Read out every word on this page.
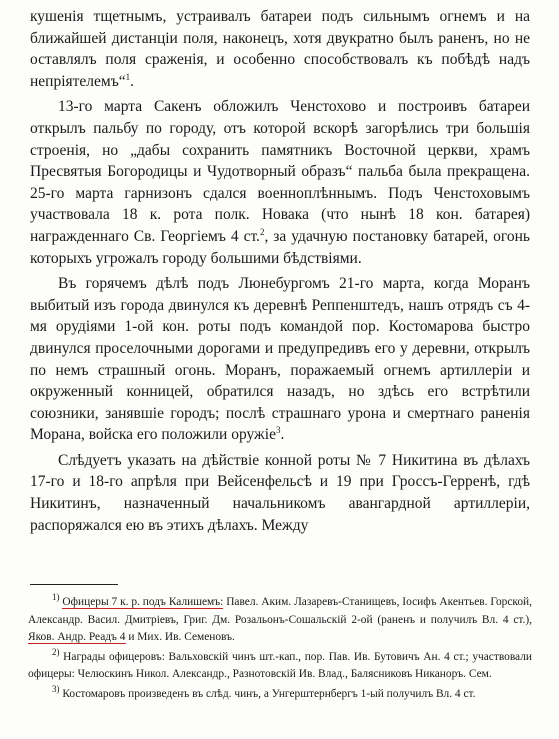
кушенія тщетнымъ, устраивалъ батареи подъ сильнымъ огнемъ и на ближайшей дистанціи поля, наконецъ, хотя двукратно былъ раненъ, но не оставлялъ поля сраженія, и особенно способствовалъ къ побѣдѣ надъ непріятелемъ“$^1$.

13-го марта Сакенъ обложилъ Ченстохово и построивъ батареи открылъ пальбу по городу, отъ которой вскорѣ загорѣлись три большія строенія, но „дабы сохранить памятникъ Восточной церкви, храмъ Пресвятыя Богородицы и Чудотворный образъ“ пальба была прекращена. 25-го марта гарнизонъ сдался военноплѣннымъ. Подъ Ченстоховымъ участвовала 18 к. рота полк. Новака (что нынѣ 18 кон. батарея) награжденнаго Св. Георгіемъ 4 ст.$^2$, за удачную постановку батарей, огонь которыхъ угрожалъ городу большими бѣдствіями.

Въ горячемъ дѣлѣ подъ Люнебургомъ 21-го марта, когда Моранъ выбитый изъ города двинулся къ деревнѣ Реппенштедъ, нашъ отрядъ съ 4-мя орудіями 1-ой кон. роты подъ командой пор. Костомарова быстро двинулся проселочными дорогами и предупредивъ его у деревни, открылъ по немъ страшный огонь. Моранъ, поражаемый огнемъ артиллеріи и окруженный конницей, обратился назадъ, но здѣсь его встрѣтили союзники, занявшіе городъ; послѣ страшнаго урона и смертнаго раненія Морана, войска его положили оружіе$^3$.

Слѣдуетъ указать на дѣйствіе конной роты № 7 Никитина въ дѣлахъ 17-го и 18-го апрѣля при Вейсенфельсѣ и 19 при Гроссъ-Герренѣ, гдѣ Никитинъ, назначенный начальникомъ авангардной артиллеріи, распоряжался ею въ этихъ дѣлахъ. Между

$^{1)}$ Офицеры 7 к. р. подъ Калишемъ: Павел. Аким. Лазаревъ-Станищевъ, Іосифъ Акентьев. Горской, Александр. Васил. Дмитріевъ, Григ. Дм. Розальонъ-Сошальскій 2-ой (раненъ и получилъ Вл. 4 ст.), Яков. Андр. Реадъ 4 и Мих. Ив. Семеновъ.

$^{2)}$ Награды офицеровъ: Вальховскій чинъ шт.-кап., пор. Пав. Ив. Бутовичъ Ан. 4 ст.; участвовали офицеры: Челюскинъ Никол. Александр., Разнотовскій Ив. Влад., Балясниковъ Никаноръ. Сем.

$^{3)}$ Костомаровъ произведенъ въ слѣд. чинъ, а Унгерштернбергъ 1-ый получилъ Вл. 4 ст.
